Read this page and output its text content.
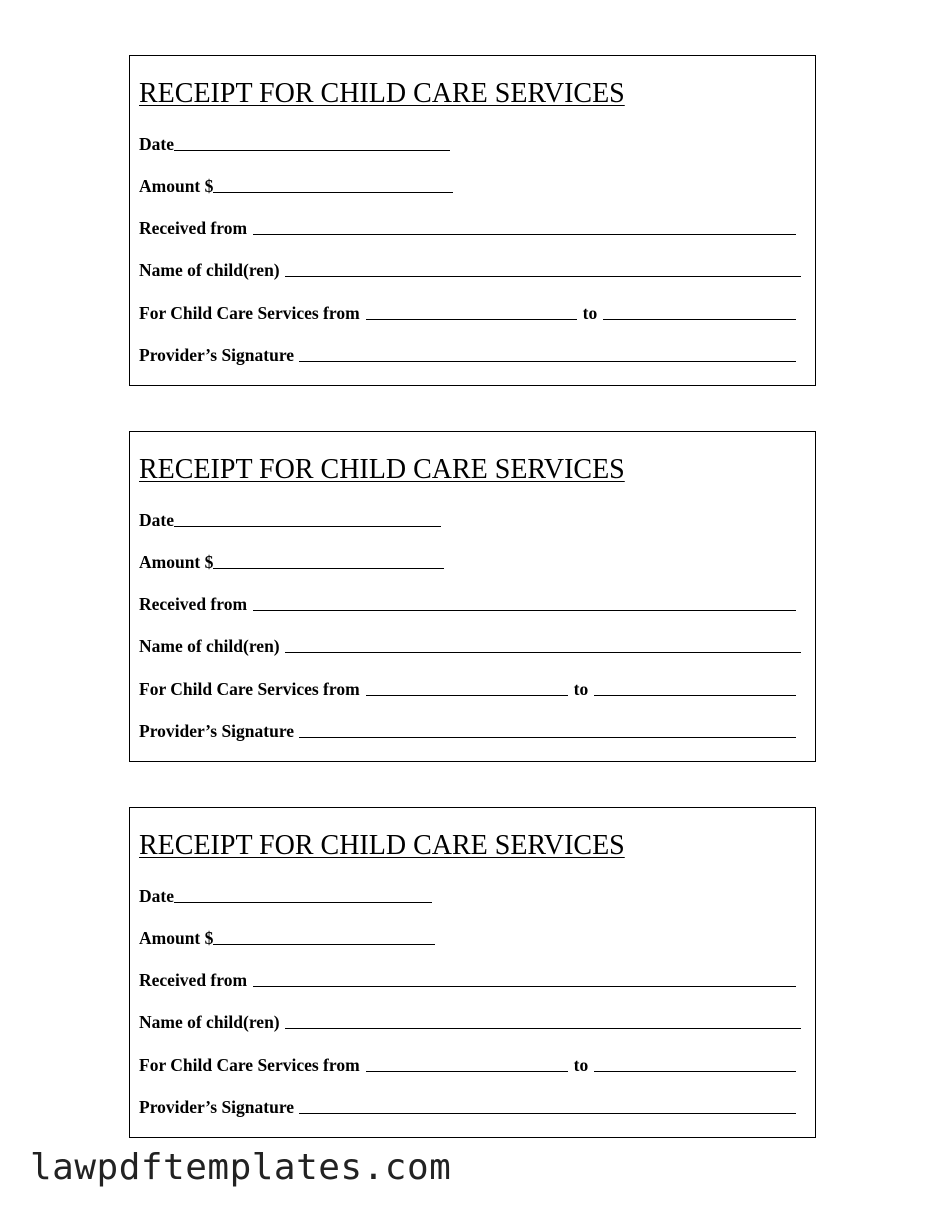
RECEIPT FOR CHILD CARE SERVICES
Date
Amount $
Received from
Name of child(ren)
For Child Care Services from	to
Provider’s Signature
RECEIPT FOR CHILD CARE SERVICES
Date
Amount $
Received from
Name of child(ren)
For Child Care Services from	to
Provider’s Signature
RECEIPT FOR CHILD CARE SERVICES
Date
Amount $
Received from
Name of child(ren)
For Child Care Services from	to
Provider’s Signature
lawpdftemplates.com
